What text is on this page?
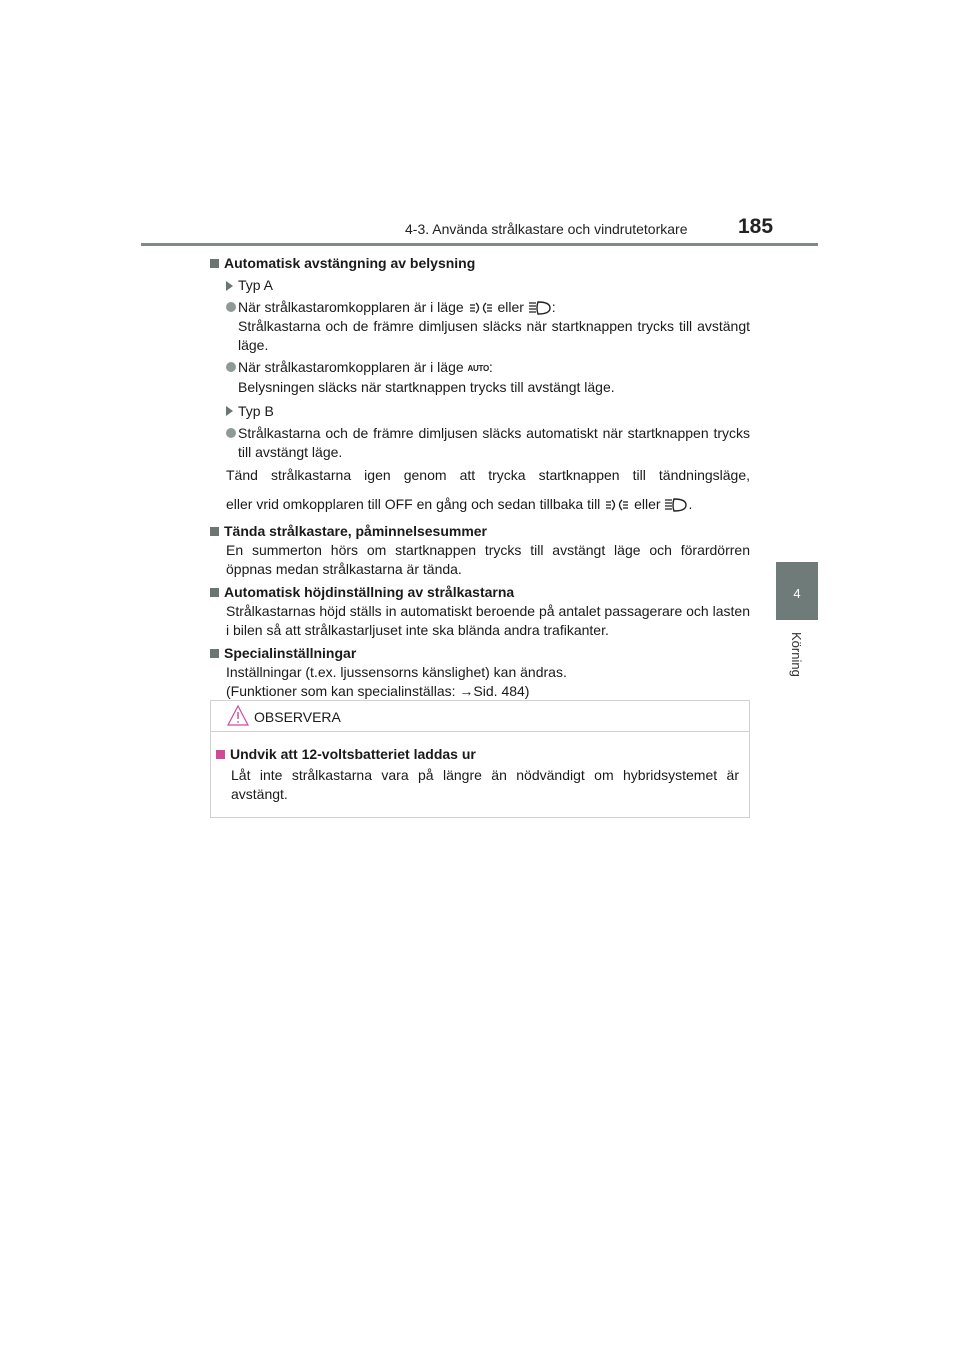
4-3. Använda strålkastare och vindrutetorkare 185
4
Körning

Automatisk avstängning av belysning

Typ A
När strålkastaromkopplaren är i läge eller :
Strålkastarna och de främre dimljusen släcks när startknappen trycks till avstängt läge.
När strålkastaromkopplaren är i läge AUTO:
Belysningen släcks när startknappen trycks till avstängt läge.
Typ B
Strålkastarna och de främre dimljusen släcks automatiskt när startknappen trycks till avstängt läge.
Tänd strålkastarna igen genom att trycka startknappen till tändningsläge,
eller vrid omkopplaren till OFF en gång och sedan tillbaka till eller .

Tända strålkastare, påminnelsesummer

En summerton hörs om startknappen trycks till avstängt läge och förardörren öppnas medan strålkastarna är tända.

Automatisk höjdinställning av strålkastarna

Strålkastarnas höjd ställs in automatiskt beroende på antalet passagerare och lasten i bilen så att strålkastarljuset inte ska blända andra trafikanter.

Specialinställningar

Inställningar (t.ex. ljussensorns känslighet) kan ändras.
(Funktioner som kan specialinställas: →Sid. 484)
OBSERVERA

Undvik att 12-voltsbatteriet laddas ur

Låt inte strålkastarna vara på längre än nödvändigt om hybridsystemet är avstängt.
